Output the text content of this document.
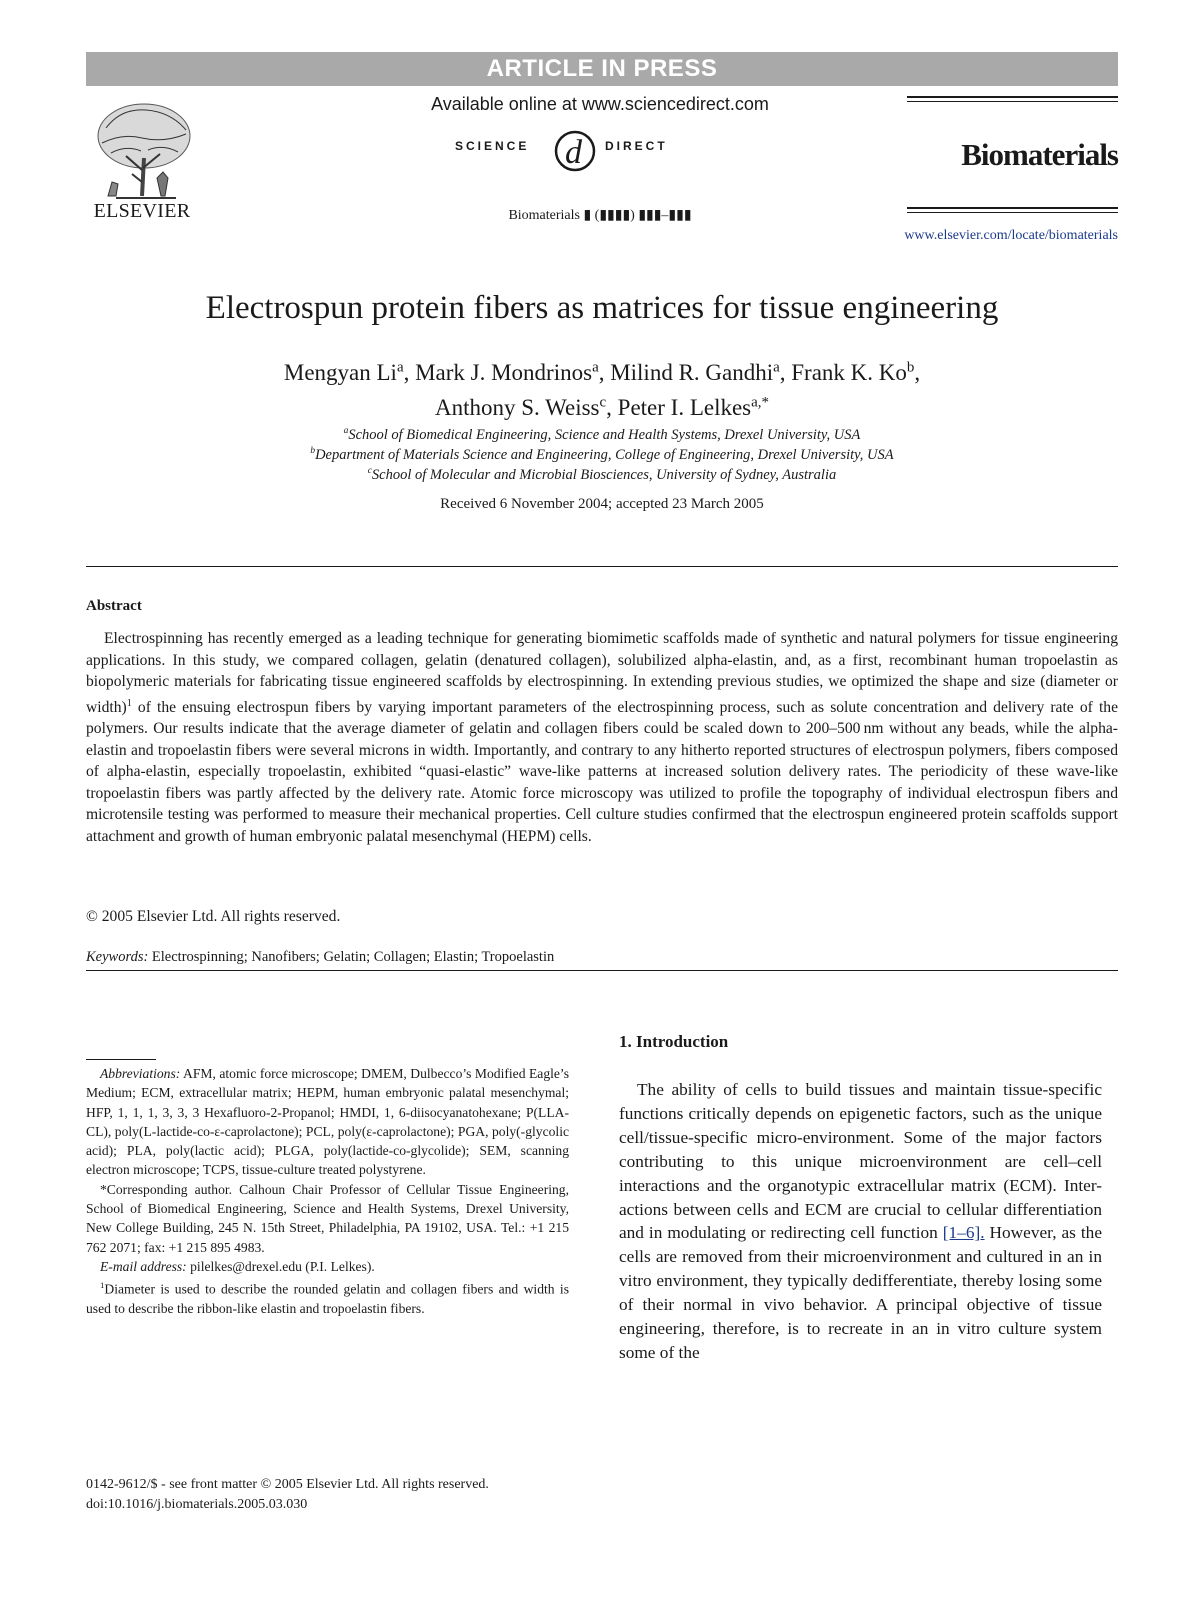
ARTICLE IN PRESS
ELSEVIER
Available online at www.sciencedirect.com
SCIENCE d DIRECT
Biomaterials ▮ (▮▮▮▮) ▮▮▮–▮▮▮
Biomaterials
www.elsevier.com/locate/biomaterials
Electrospun protein fibers as matrices for tissue engineering
Mengyan Li$^a$, Mark J. Mondrinos$^a$, Milind R. Gandhi$^a$, Frank K. Ko$^b$,
Anthony S. Weiss$^c$, Peter I. Lelkes$^{a,*}$
$^a$School of Biomedical Engineering, Science and Health Systems, Drexel University, USA
$^b$Department of Materials Science and Engineering, College of Engineering, Drexel University, USA
$^c$School of Molecular and Microbial Biosciences, University of Sydney, Australia
Received 6 November 2004; accepted 23 March 2005
Abstract
Electrospinning has recently emerged as a leading technique for generating biomimetic scaffolds made of synthetic and natural polymers for tissue engineering applications. In this study, we compared collagen, gelatin (denatured collagen), solubilized alpha-elastin, and, as a first, recombinant human tropoelastin as biopolymeric materials for fabricating tissue engineered scaffolds by electrospinning. In extending previous studies, we optimized the shape and size (diameter or width)$^1$ of the ensuing electrospun fibers by varying important parameters of the electrospinning process, such as solute concentration and delivery rate of the polymers. Our results indicate that the average diameter of gelatin and collagen fibers could be scaled down to 200–500 nm without any beads, while the alpha-elastin and tropoelastin fibers were several microns in width. Importantly, and contrary to any hitherto reported structures of electrospun polymers, fibers composed of alpha-elastin, especially tropoelastin, exhibited “quasi-elastic” wave-like patterns at increased solution delivery rates. The periodicity of these wave-like tropoelastin fibers was partly affected by the delivery rate. Atomic force microscopy was utilized to profile the topography of individual electrospun fibers and microtensile testing was performed to measure their mechanical properties. Cell culture studies confirmed that the electrospun engineered protein scaffolds support attachment and growth of human embryonic palatal mesenchymal (HEPM) cells.
© 2005 Elsevier Ltd. All rights reserved.
Keywords: Electrospinning; Nanofibers; Gelatin; Collagen; Elastin; Tropoelastin

Abbreviations: AFM, atomic force microscope; DMEM, Dulbecco’s Modified Eagle’s Medium; ECM, extracellular matrix; HEPM, human embryonic palatal mesenchymal; HFP, 1, 1, 1, 3, 3, 3 Hexafluoro-2-Propanol; HMDI, 1, 6-diisocyanatohexane; P(LLA-CL), poly(L-lactide-co-ε-caprolactone); PCL, poly(ε-caprolactone); PGA, poly(-glycolic acid); PLA, poly(lactic acid); PLGA, poly(lactide-co-glycolide); SEM, scanning electron microscope; TCPS, tissue-culture treated polystyrene.

*Corresponding author. Calhoun Chair Professor of Cellular Tissue Engineering, School of Biomedical Engineering, Science and Health Systems, Drexel University, New College Building, 245 N. 15th Street, Philadelphia, PA 19102, USA. Tel.: +1 215 762 2071; fax: +1 215 895 4983.

E-mail address: pilelkes@drexel.edu (P.I. Lelkes).

$^1$Diameter is used to describe the rounded gelatin and collagen fibers and width is used to describe the ribbon-like elastin and tropoelastin fibers.

0142-9612/$ - see front matter © 2005 Elsevier Ltd. All rights reserved.
doi:10.1016/j.biomaterials.2005.03.030
1. Introduction
The ability of cells to build tissues and maintain tissue-specific functions critically depends on epigenetic factors, such as the unique cell/tissue-specific micro-environment. Some of the major factors contributing to this unique microenvironment are cell–cell interactions and the organotypic extracellular matrix (ECM). Inter-actions between cells and ECM are crucial to cellular differentiation and in modulating or redirecting cell function [1–6]. However, as the cells are removed from their microenvironment and cultured in an in vitro environment, they typically dedifferentiate, thereby losing some of their normal in vivo behavior. A principal objective of tissue engineering, therefore, is to recreate in an in vitro culture system some of the
